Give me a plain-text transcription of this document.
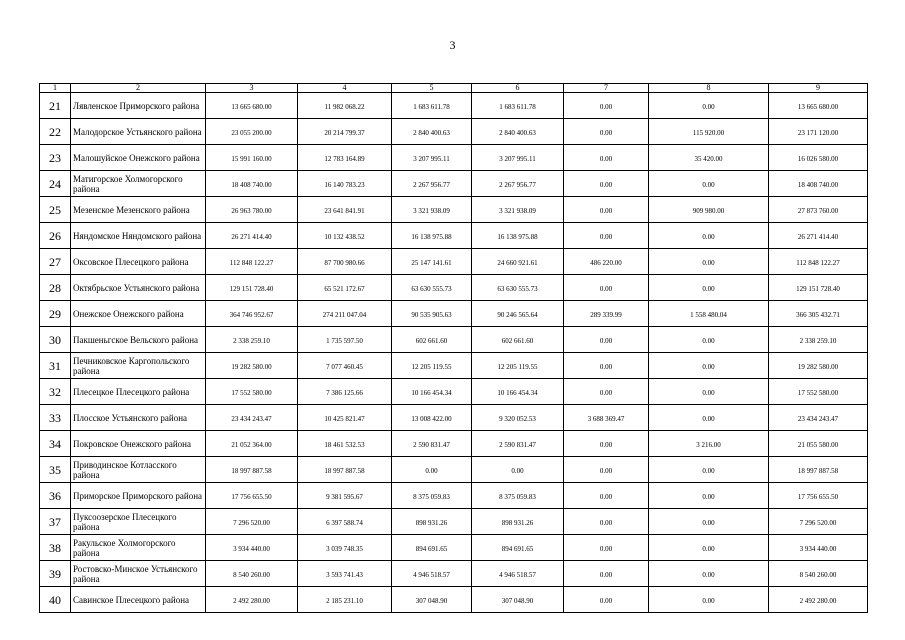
3
1	2	3	4	5	6	7	8	9
21	Лявленское Приморского района	13 665 680.00	11 982 068.22	1 683 611.78	1 683 611.78	0.00	0.00	13 665 680.00
22	Малодорское Устьянского района	23 055 200.00	20 214 799.37	2 840 400.63	2 840 400.63	0.00	115 920.00	23 171 120.00
23	Малошуйское Онежского района	15 991 160.00	12 783 164.89	3 207 995.11	3 207 995.11	0.00	35 420.00	16 026 580.00
24	Матигорское Холмогорского района	18 408 740.00	16 140 783.23	2 267 956.77	2 267 956.77	0.00	0.00	18 408 740.00
25	Мезенское Мезенского района	26 963 780.00	23 641 841.91	3 321 938.09	3 321 938.09	0.00	909 980.00	27 873 760.00
26	Няндомское Няндомского района	26 271 414.40	10 132 438.52	16 138 975.88	16 138 975.88	0.00	0.00	26 271 414.40
27	Оксовское Плесецкого района	112 848 122.27	87 700 980.66	25 147 141.61	24 660 921.61	486 220.00	0.00	112 848 122.27
28	Октябрьское Устьянского района	129 151 728.40	65 521 172.67	63 630 555.73	63 630 555.73	0.00	0.00	129 151 728.40
29	Онежское Онежского района	364 746 952.67	274 211 047.04	90 535 905.63	90 246 565.64	289 339.99	1 558 480.04	366 305 432.71
30	Пакшеньгское Вельского района	2 338 259.10	1 735 597.50	602 661.60	602 661.60	0.00	0.00	2 338 259.10
31	Печниковское Каргопольского района	19 282 580.00	7 077 460.45	12 205 119.55	12 205 119.55	0.00	0.00	19 282 580.00
32	Плесецкое Плесецкого района	17 552 580.00	7 386 125.66	10 166 454.34	10 166 454.34	0.00	0.00	17 552 580.00
33	Плосское Устьянского района	23 434 243.47	10 425 821.47	13 008 422.00	9 320 052.53	3 688 369.47	0.00	23 434 243.47
34	Покровское Онежского района	21 052 364.00	18 461 532.53	2 590 831.47	2 590 831.47	0.00	3 216.00	21 055 580.00
35	Приводинское Котласского района	18 997 887.58	18 997 887.58	0.00	0.00	0.00	0.00	18 997 887.58
36	Приморское Приморского района	17 756 655.50	9 381 595.67	8 375 059.83	8 375 059.83	0.00	0.00	17 756 655.50
37	Пуксоозерское Плесецкого района	7 296 520.00	6 397 588.74	898 931.26	898 931.26	0.00	0.00	7 296 520.00
38	Ракульское Холмогорского района	3 934 440.00	3 039 748.35	894 691.65	894 691.65	0.00	0.00	3 934 440.00
39	Ростовско-Минское Устьянского района	8 540 260.00	3 593 741.43	4 946 518.57	4 946 518.57	0.00	0.00	8 540 260.00
40	Савинское Плесецкого района	2 492 280.00	2 185 231.10	307 048.90	307 048.90	0.00	0.00	2 492 280.00
